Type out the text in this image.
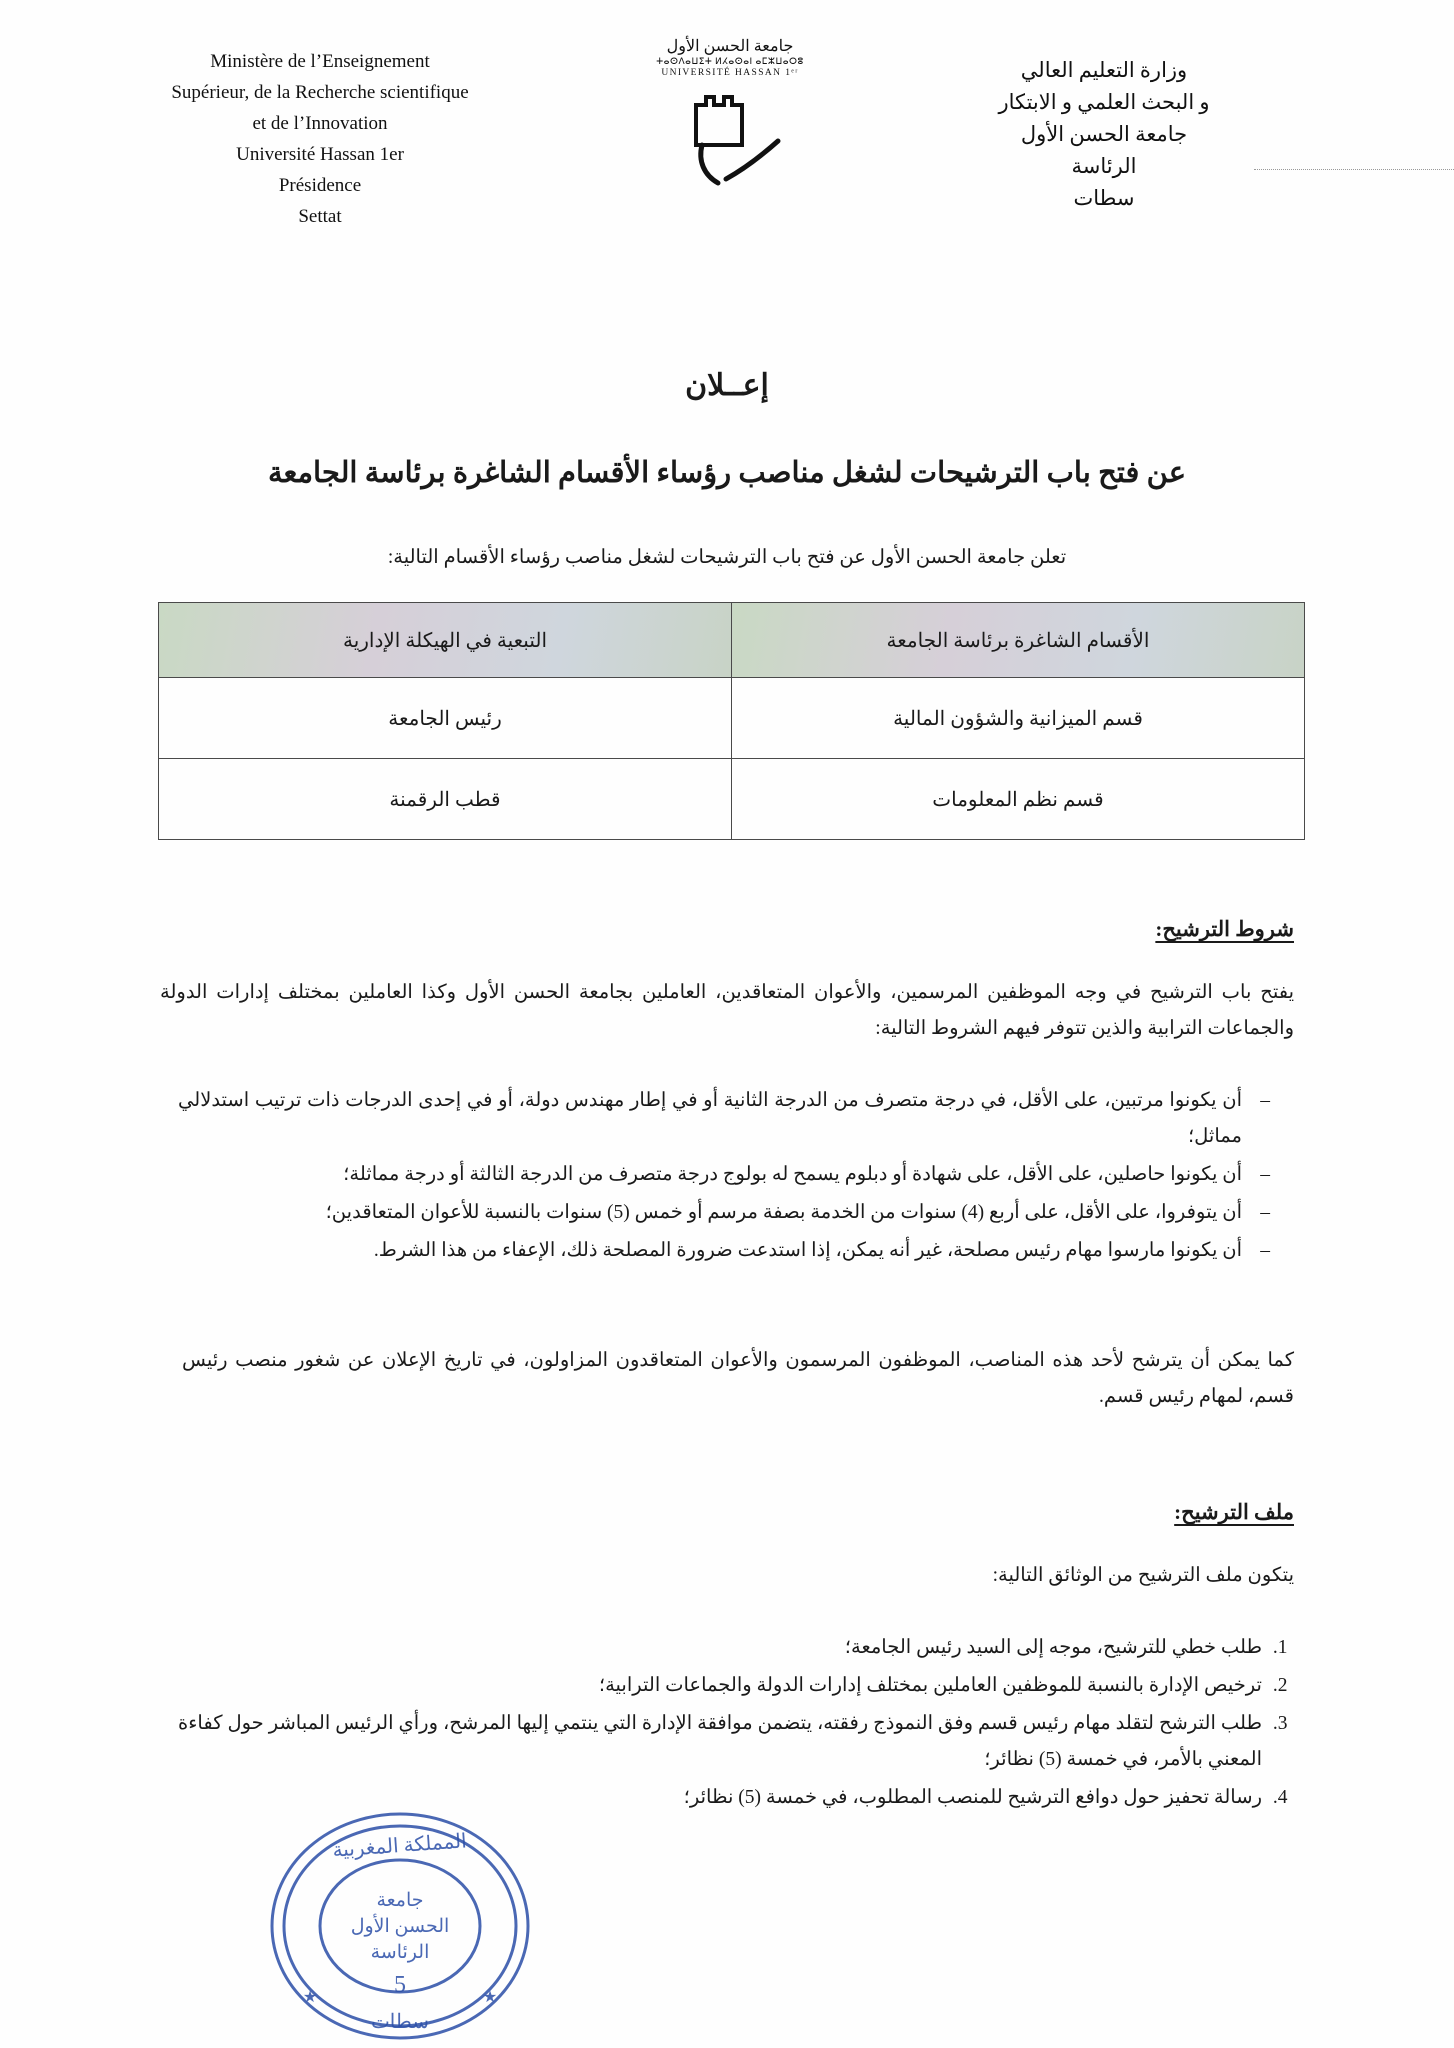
Ministère de l’Enseignement
Supérieur, de la Recherche scientifique
et de l’Innovation
Université Hassan 1er
Présidence
Settat
جامعة الحسن الأول
ⵜⴰⵙⴷⴰⵡⵉⵜ ⵍⵃⴰⵙⴰⵏ ⴰⵎⵣⵡⴰⵔⵓ
UNIVERSITÉ HASSAN 1ᵉʳ	وزارة التعليم العالي
و البحث العلمي و الابتكار
جامعة الحسن الأول
الرئاسة
سطات
إعــلان
عن فتح باب الترشيحات لشغل مناصب رؤساء الأقسام الشاغرة برئاسة الجامعة
تعلن جامعة الحسن الأول عن فتح باب الترشيحات لشغل مناصب رؤساء الأقسام التالية:
الأقسام الشاغرة برئاسة الجامعة	التبعية في الهيكلة الإدارية
قسم الميزانية والشؤون المالية	رئيس الجامعة
قسم نظم المعلومات	قطب الرقمنة
شروط الترشيح:
يفتح باب الترشيح في وجه الموظفين المرسمين، والأعوان المتعاقدين، العاملين بجامعة الحسن الأول وكذا العاملين بمختلف إدارات الدولة والجماعات الترابية والذين تتوفر فيهم الشروط التالية:
– أن يكونوا مرتبين، على الأقل، في درجة متصرف من الدرجة الثانية أو في إطار مهندس دولة، أو في إحدى الدرجات ذات ترتيب استدلالي مماثل؛
– أن يكونوا حاصلين، على الأقل، على شهادة أو دبلوم يسمح له بولوج درجة متصرف من الدرجة الثالثة أو درجة مماثلة؛
– أن يتوفروا، على الأقل، على أربع (4) سنوات من الخدمة بصفة مرسم أو خمس (5) سنوات بالنسبة للأعوان المتعاقدين؛
– أن يكونوا مارسوا مهام رئيس مصلحة، غير أنه يمكن، إذا استدعت ضرورة المصلحة ذلك، الإعفاء من هذا الشرط.
كما يمكن أن يترشح لأحد هذه المناصب، الموظفون المرسمون والأعوان المتعاقدون المزاولون، في تاريخ الإعلان عن شغور منصب رئيس قسم، لمهام رئيس قسم.
ملف الترشيح:
يتكون ملف الترشيح من الوثائق التالية:
1. طلب خطي للترشيح، موجه إلى السيد رئيس الجامعة؛
2. ترخيص الإدارة بالنسبة للموظفين العاملين بمختلف إدارات الدولة والجماعات الترابية؛
3. طلب الترشح لتقلد مهام رئيس قسم وفق النموذج رفقته، يتضمن موافقة الإدارة التي ينتمي إليها المرشح، ورأي الرئيس المباشر حول كفاءة المعني بالأمر، في خمسة (5) نظائر؛
4. رسالة تحفيز حول دوافع الترشيح للمنصب المطلوب، في خمسة (5) نظائر؛
المملكة المغربية
جامعة
الحسن الأول
الرئاسة
5
سطات
★	★
